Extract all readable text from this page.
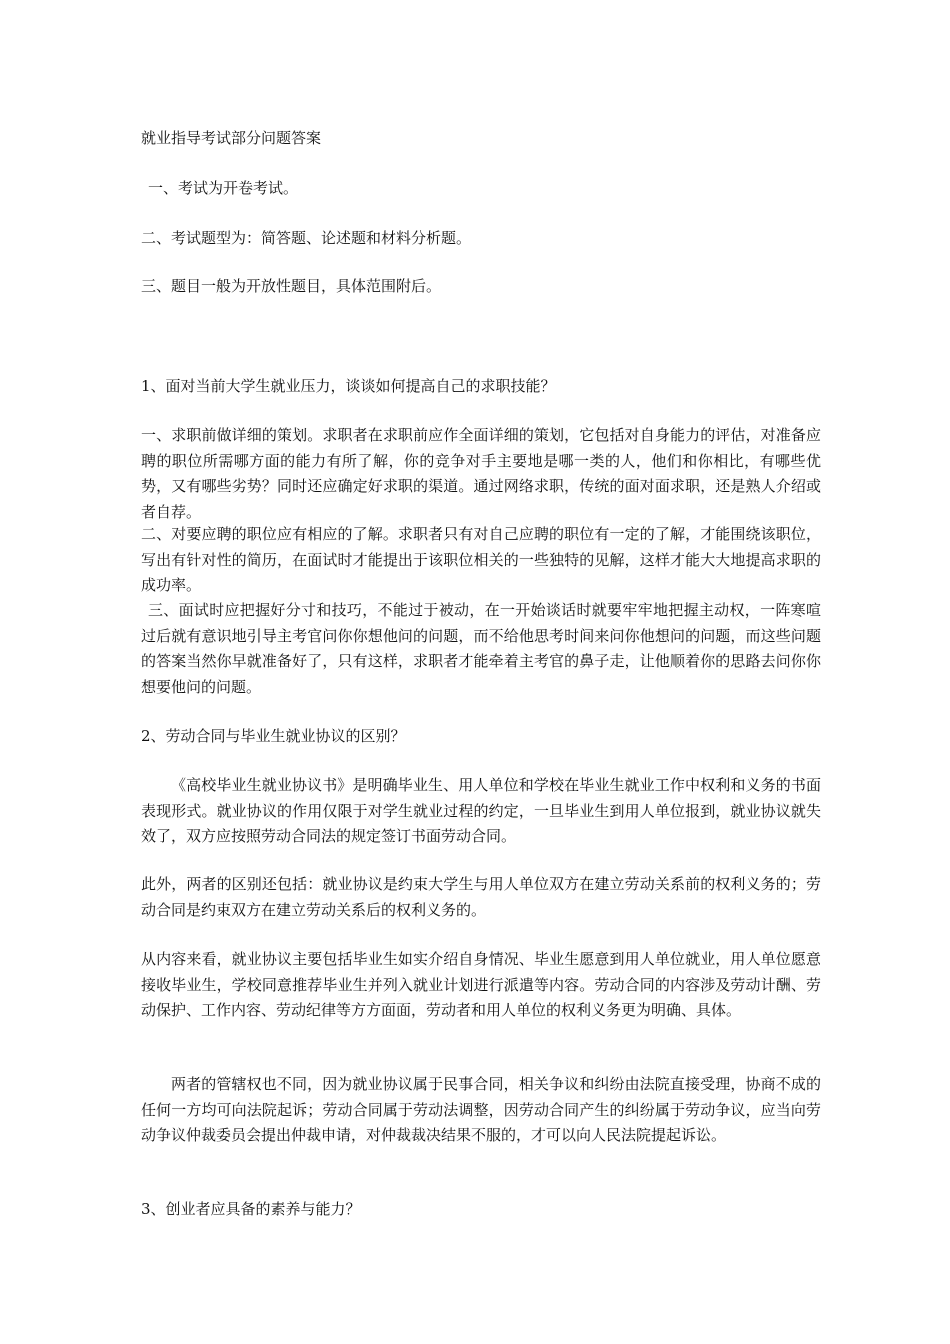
就业指导考试部分问题答案

一、考试为开卷考试。

二、考试题型为：简答题、论述题和材料分析题。

三、题目一般为开放性题目，具体范围附后。

1、面对当前大学生就业压力，谈谈如何提高自己的求职技能？

一、求职前做详细的策划。求职者在求职前应作全面详细的策划，它包括对自身能力的评估，对准备应聘的职位所需哪方面的能力有所了解，你的竞争对手主要地是哪一类的人，他们和你相比，有哪些优势，又有哪些劣势？同时还应确定好求职的渠道。通过网络求职，传统的面对面求职，还是熟人介绍或者自荐。

二、对要应聘的职位应有相应的了解。求职者只有对自己应聘的职位有一定的了解，才能围绕该职位，写出有针对性的简历，在面试时才能提出于该职位相关的一些独特的见解，这样才能大大地提高求职的成功率。

三、面试时应把握好分寸和技巧，不能过于被动，在一开始谈话时就要牢牢地把握主动权，一阵寒喧过后就有意识地引导主考官问你你想他问的问题，而不给他思考时间来问你他想问的问题，而这些问题的答案当然你早就准备好了，只有这样，求职者才能牵着主考官的鼻子走，让他顺着你的思路去问你你想要他问的问题。

2、劳动合同与毕业生就业协议的区别？

《高校毕业生就业协议书》是明确毕业生、用人单位和学校在毕业生就业工作中权利和义务的书面表现形式。就业协议的作用仅限于对学生就业过程的约定，一旦毕业生到用人单位报到，就业协议就失效了，双方应按照劳动合同法的规定签订书面劳动合同。

此外，两者的区别还包括：就业协议是约束大学生与用人单位双方在建立劳动关系前的权利义务的；劳动合同是约束双方在建立劳动关系后的权利义务的。

从内容来看，就业协议主要包括毕业生如实介绍自身情况、毕业生愿意到用人单位就业，用人单位愿意接收毕业生，学校同意推荐毕业生并列入就业计划进行派遣等内容。劳动合同的内容涉及劳动计酬、劳动保护、工作内容、劳动纪律等方方面面，劳动者和用人单位的权利义务更为明确、具体。

两者的管辖权也不同，因为就业协议属于民事合同，相关争议和纠纷由法院直接受理，协商不成的任何一方均可向法院起诉；劳动合同属于劳动法调整，因劳动合同产生的纠纷属于劳动争议，应当向劳动争议仲裁委员会提出仲裁申请，对仲裁裁决结果不服的，才可以向人民法院提起诉讼。

3、创业者应具备的素养与能力？
